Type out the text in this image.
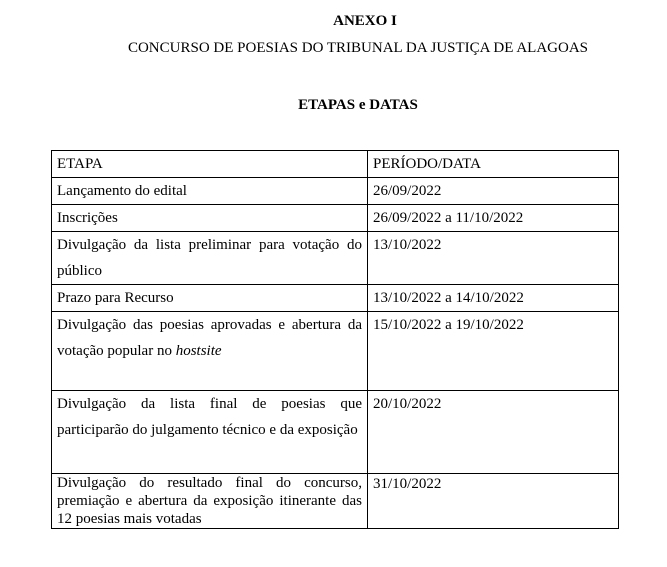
ANEXO I
CONCURSO DE POESIAS DO TRIBUNAL DA JUSTIÇA DE ALAGOAS
ETAPAS e DATAS
ETAPA	PERÍODO/DATA
Lançamento do edital	26/09/2022
Inscrições	26/09/2022 a 11/10/2022
Divulgação da lista preliminar para votação do público	13/10/2022
Prazo para Recurso	13/10/2022 a 14/10/2022
Divulgação das poesias aprovadas e abertura da votação popular no hostsite	15/10/2022 a 19/10/2022
Divulgação da lista final de poesias que participarão do julgamento técnico e da exposição	20/10/2022
Divulgação do resultado final do concurso, premiação e abertura da exposição itinerante das 12 poesias mais votadas	31/10/2022
